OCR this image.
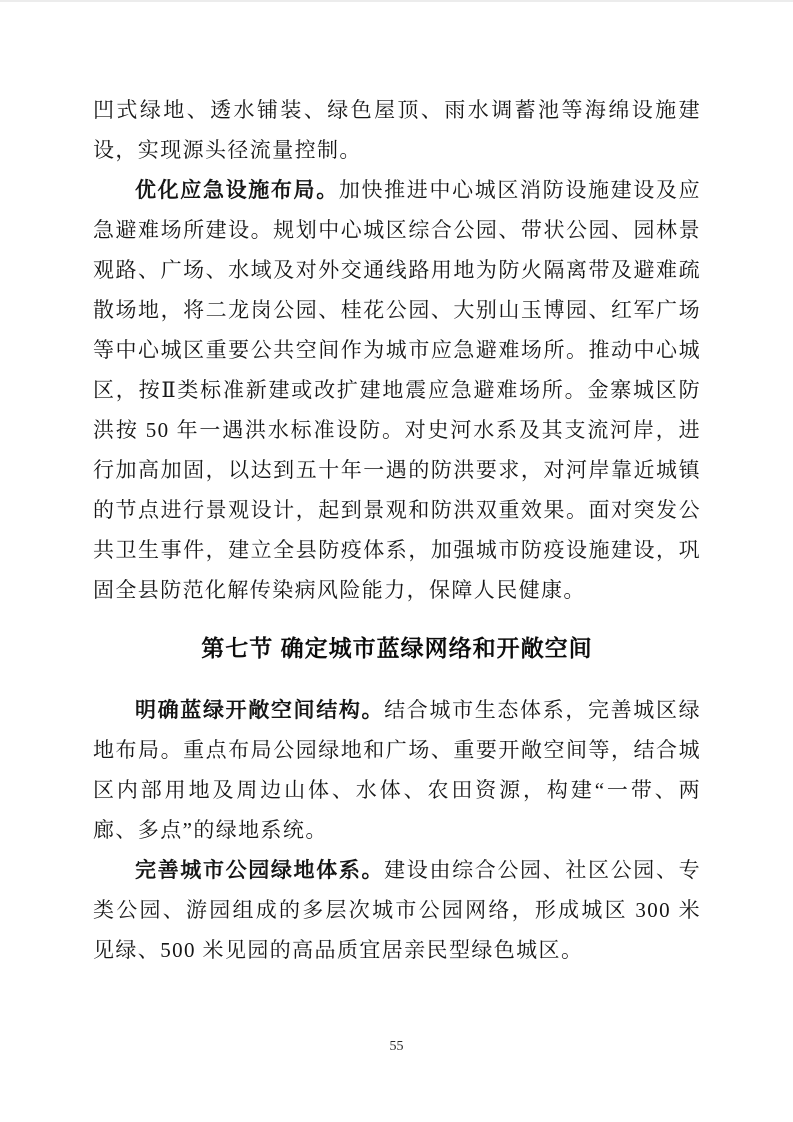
凹式绿地、透水铺装、绿色屋顶、雨水调蓄池等海绵设施建设，实现源头径流量控制。

优化应急设施布局。加快推进中心城区消防设施建设及应急避难场所建设。规划中心城区综合公园、带状公园、园林景观路、广场、水域及对外交通线路用地为防火隔离带及避难疏散场地，将二龙岗公园、桂花公园、大别山玉博园、红军广场等中心城区重要公共空间作为城市应急避难场所。推动中心城区，按Ⅱ类标准新建或改扩建地震应急避难场所。金寨城区防洪按 50 年一遇洪水标准设防。对史河水系及其支流河岸，进行加高加固，以达到五十年一遇的防洪要求，对河岸靠近城镇的节点进行景观设计，起到景观和防洪双重效果。面对突发公共卫生事件，建立全县防疫体系，加强城市防疫设施建设，巩固全县防范化解传染病风险能力，保障人民健康。

第七节 确定城市蓝绿网络和开敞空间

明确蓝绿开敞空间结构。结合城市生态体系，完善城区绿地布局。重点布局公园绿地和广场、重要开敞空间等，结合城区内部用地及周边山体、水体、农田资源，构建“一带、两廊、多点”的绿地系统。

完善城市公园绿地体系。建设由综合公园、社区公园、专类公园、游园组成的多层次城市公园网络，形成城区 300 米见绿、500 米见园的高品质宜居亲民型绿色城区。

55
